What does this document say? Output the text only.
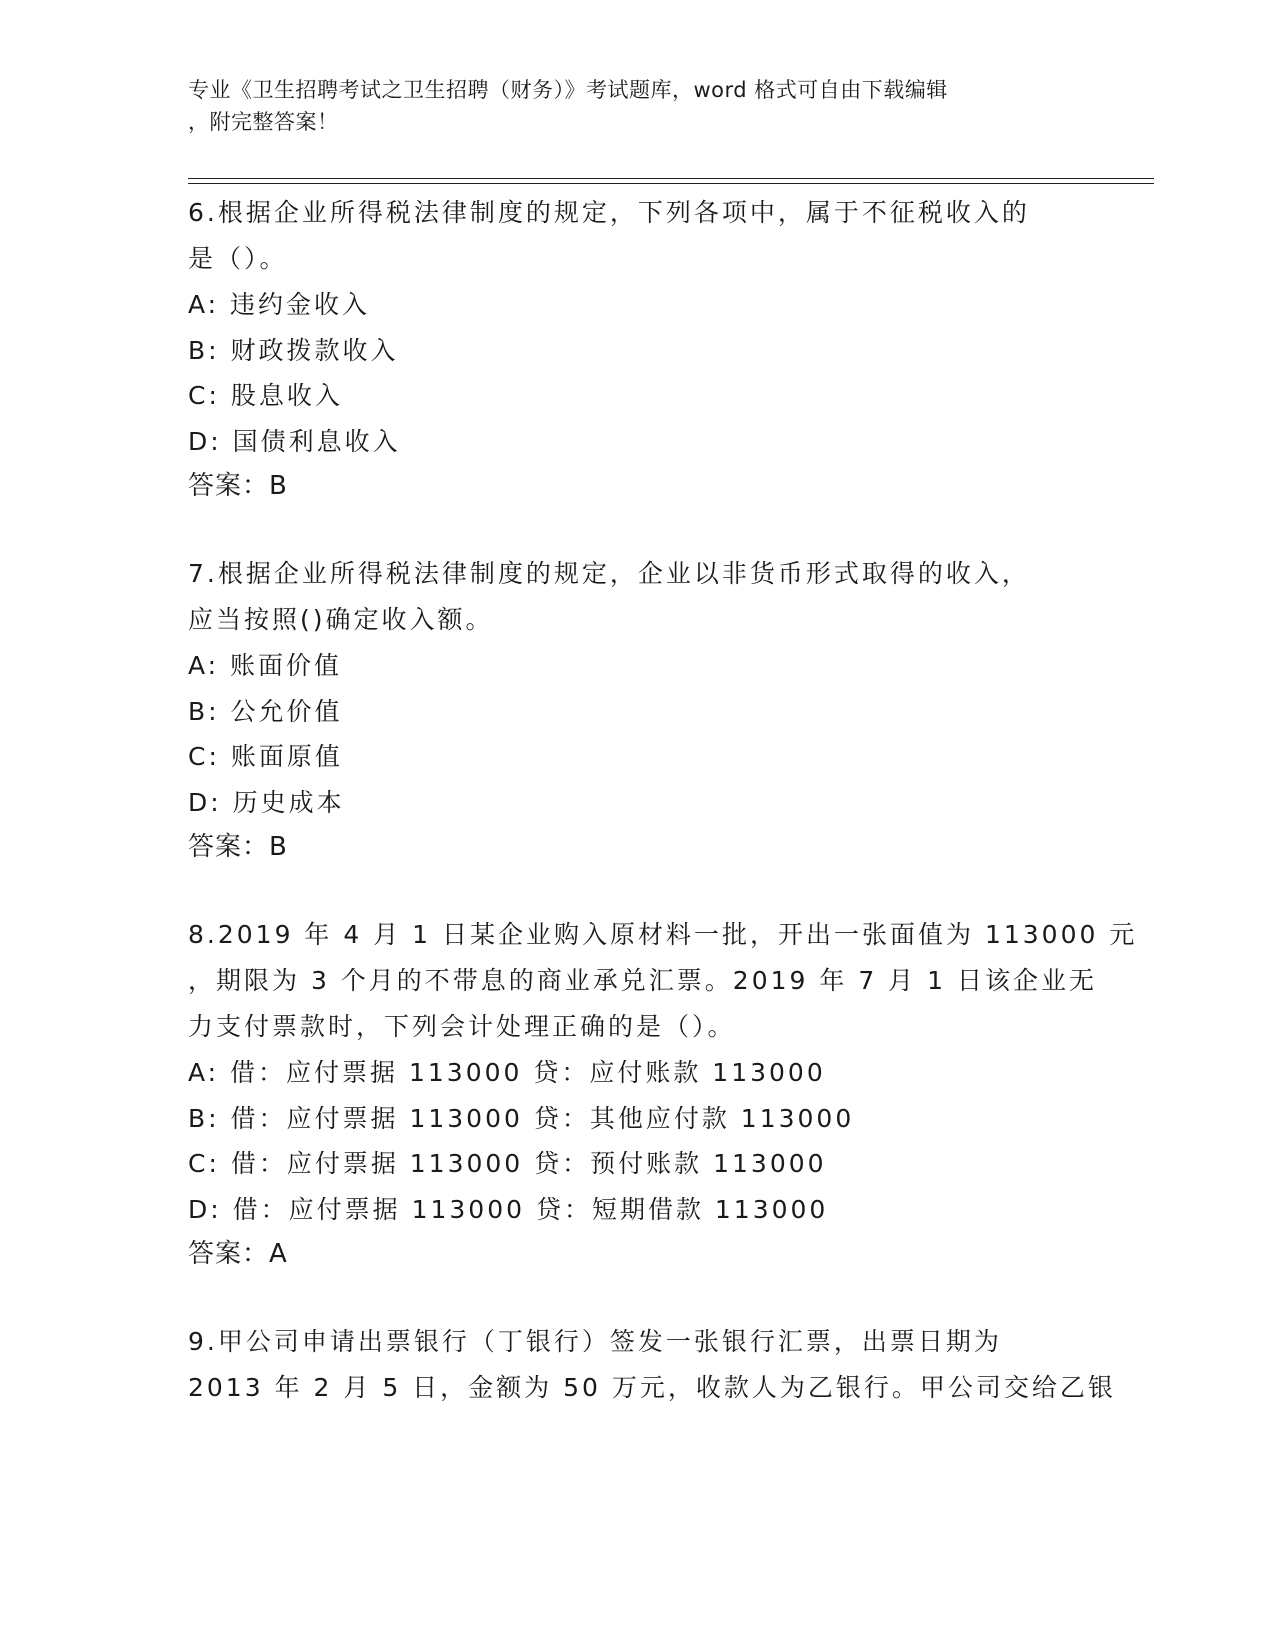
专业《卫生招聘考试之卫生招聘（财务）》考试题库，word 格式可自由下载编辑
，附完整答案！
6.根据企业所得税法律制度的规定，下列各项中，属于不征税收入的
是（）。
A: 违约金收入
B: 财政拨款收入
C: 股息收入
D: 国债利息收入
答案：B
7.根据企业所得税法律制度的规定，企业以非货币形式取得的收入，
应当按照()确定收入额。
A: 账面价值
B: 公允价值
C: 账面原值
D: 历史成本
答案：B
8.2019 年 4 月 1 日某企业购入原材料一批，开出一张面值为 113000 元
，期限为 3 个月的不带息的商业承兑汇票。2019 年 7 月 1 日该企业无
力支付票款时，下列会计处理正确的是（）。
A: 借：应付票据 113000 贷：应付账款 113000
B: 借：应付票据 113000 贷：其他应付款 113000
C: 借：应付票据 113000 贷：预付账款 113000
D: 借：应付票据 113000 贷：短期借款 113000
答案：A
9.甲公司申请出票银行（丁银行）签发一张银行汇票，出票日期为
2013 年 2 月 5 日，金额为 50 万元，收款人为乙银行。甲公司交给乙银
